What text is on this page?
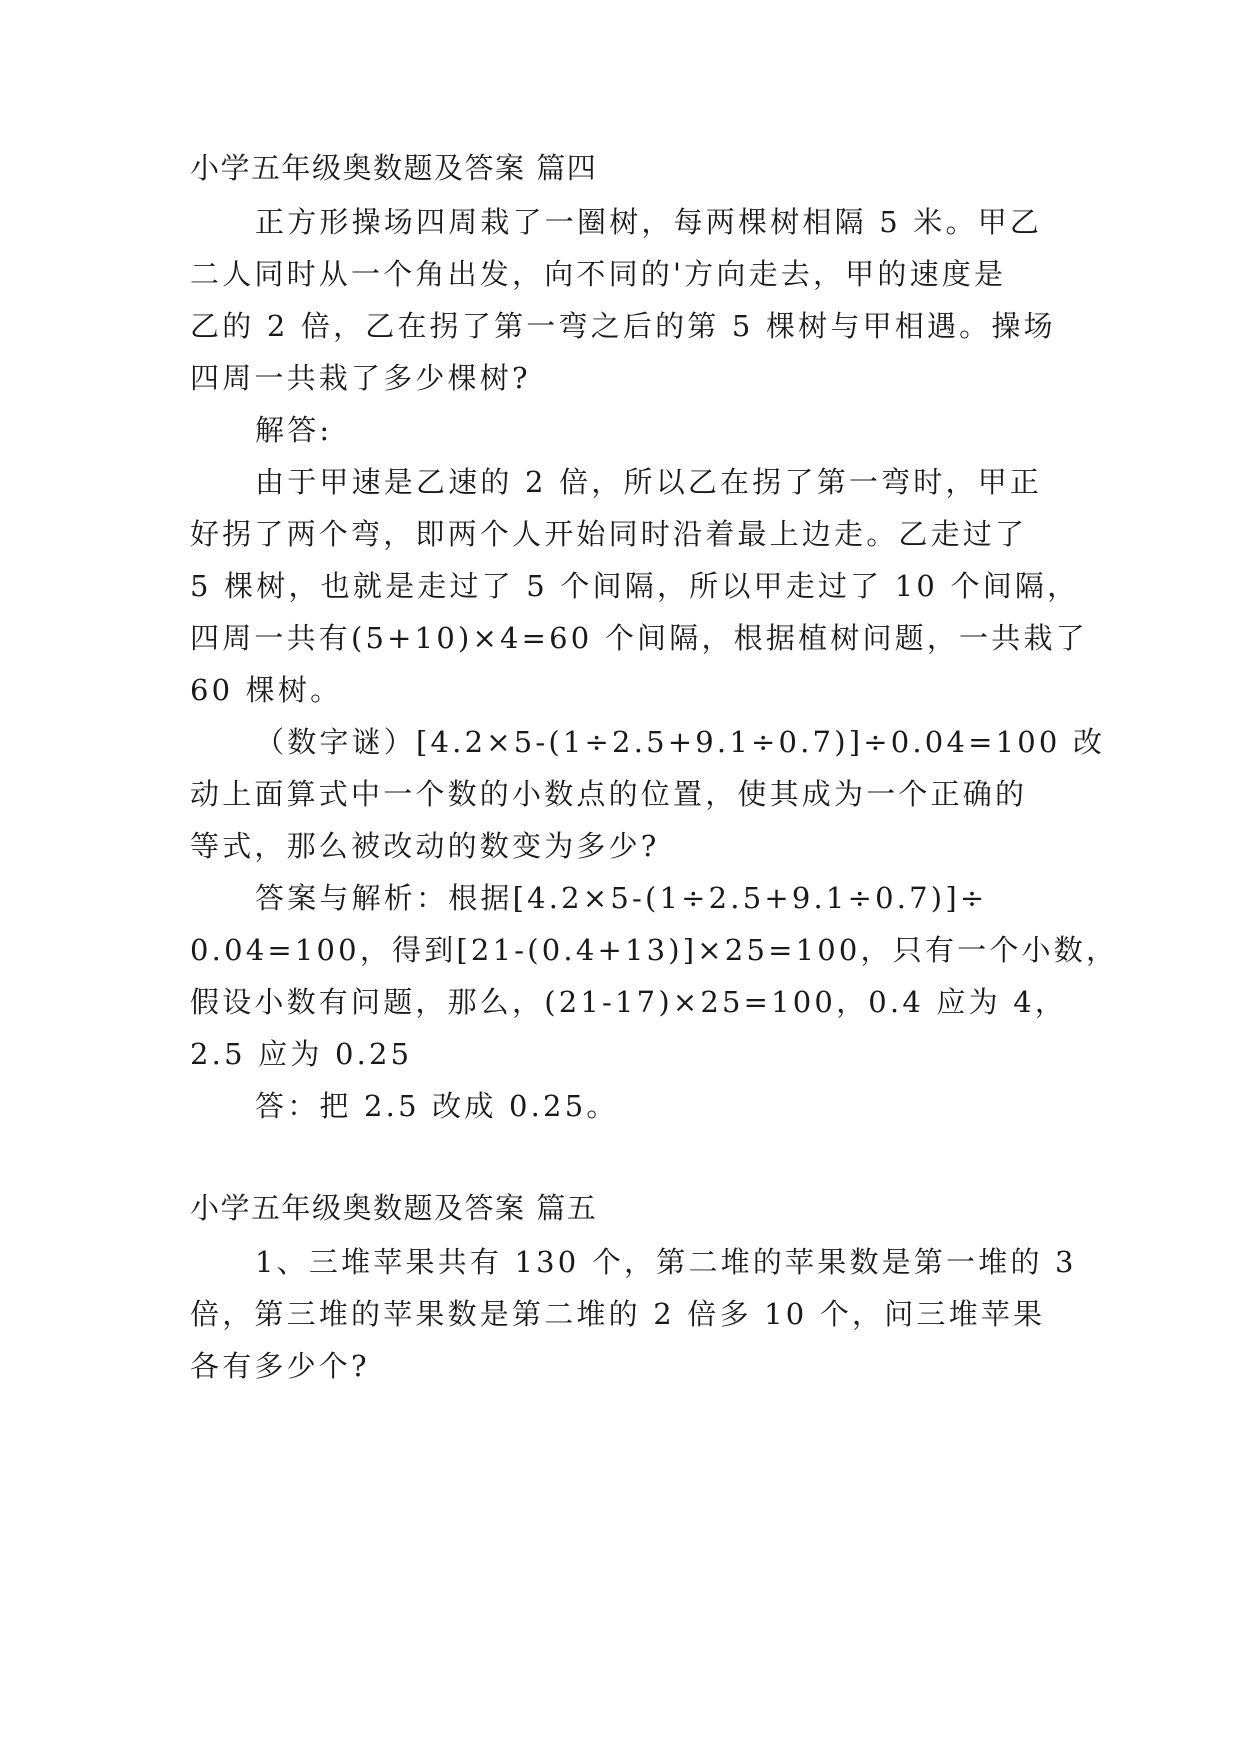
小学五年级奥数题及答案 篇四
正方形操场四周栽了一圈树，每两棵树相隔 5 米。甲乙
二人同时从一个角出发，向不同的'方向走去，甲的速度是
乙的 2 倍，乙在拐了第一弯之后的第 5 棵树与甲相遇。操场
四周一共栽了多少棵树?
解答:
由于甲速是乙速的 2 倍，所以乙在拐了第一弯时，甲正
好拐了两个弯，即两个人开始同时沿着最上边走。乙走过了
5 棵树，也就是走过了 5 个间隔，所以甲走过了 10 个间隔，
四周一共有(5+10)×4=60 个间隔，根据植树问题，一共栽了
60 棵树。
（数字谜）[4.2×5-(1÷2.5+9.1÷0.7)]÷0.04=100 改
动上面算式中一个数的小数点的位置，使其成为一个正确的
等式，那么被改动的数变为多少?
答案与解析：根据[4.2×5-(1÷2.5+9.1÷0.7)]÷
0.04=100，得到[21-(0.4+13)]×25=100，只有一个小数，
假设小数有问题，那么，(21-17)×25=100，0.4 应为 4，
2.5 应为 0.25
答：把 2.5 改成 0.25。
小学五年级奥数题及答案 篇五
1、三堆苹果共有 130 个，第二堆的苹果数是第一堆的 3
倍，第三堆的苹果数是第二堆的 2 倍多 10 个，问三堆苹果
各有多少个?
